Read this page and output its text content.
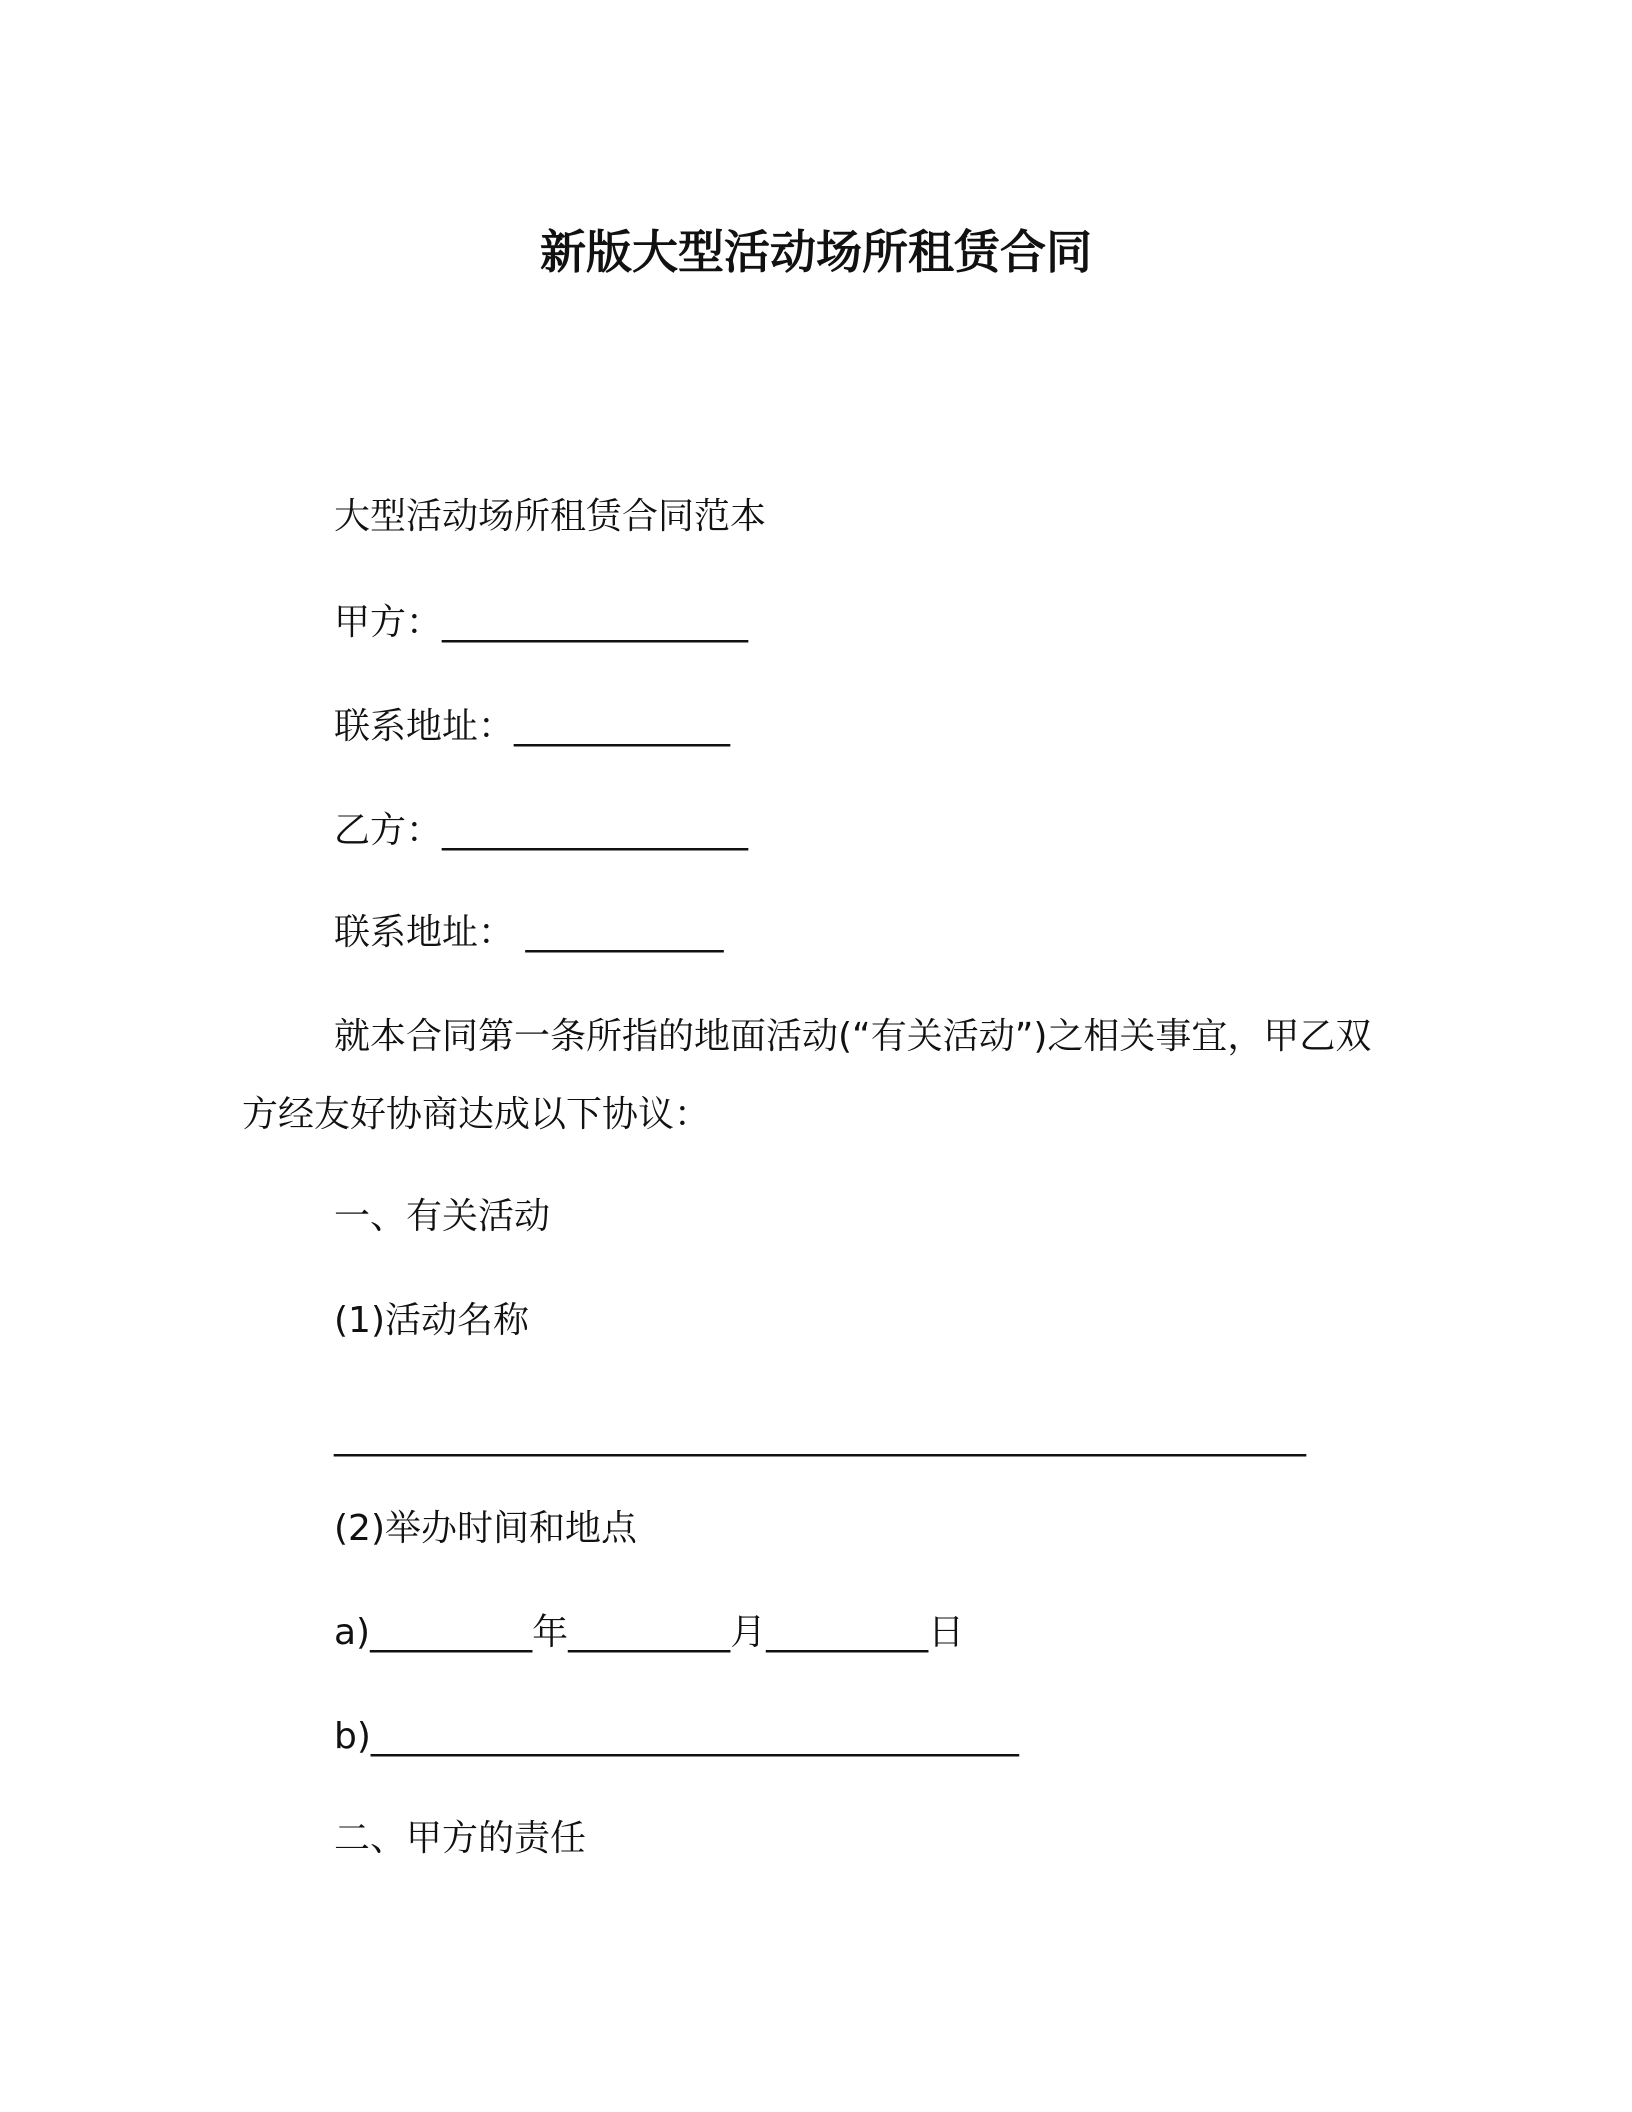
新版大型活动场所租赁合同
大型活动场所租赁合同范本
甲方：_________________
联系地址：____________
乙方：_________________
联系地址： ___________
就本合同第一条所指的地面活动(“有关活动”)之相关事宜，甲乙双方经友好协商达成以下协议：
一、有关活动
(1)活动名称
______________________________________________________
(2)举办时间和地点
a)_________年_________月_________日
b)____________________________________
二、甲方的责任
